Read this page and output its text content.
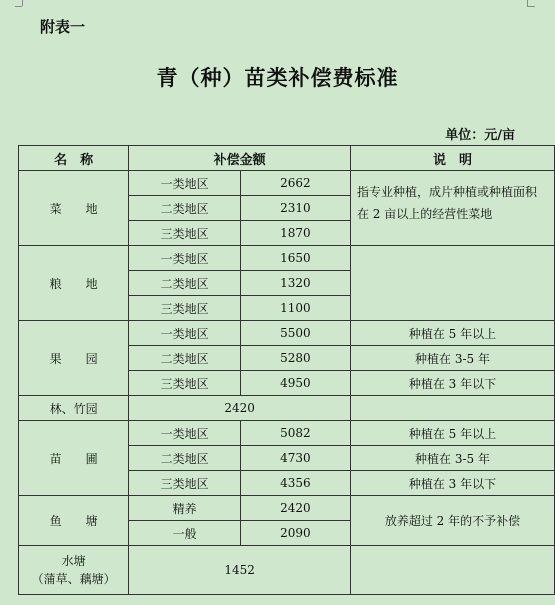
附表一
青（种）苗类补偿费标准
单位：元/亩
名　称	补偿金额		说　明
菜　　地	一类地区	2662	指专业种植，成片种植或种植面积在 2 亩以上的经营性菜地
	二类地区	2310	
	三类地区	1870	
粮　　地	一类地区	1650	
	二类地区	1320	
	三类地区	1100	
果　　园	一类地区	5500	种植在 5 年以上
	二类地区	5280	种植在 3-5 年
	三类地区	4950	种植在 3 年以下
林、竹园	2420		
苗　　圃	一类地区	5082	种植在 5 年以上
	二类地区	4730	种植在 3-5 年
	三类地区	4356	种植在 3 年以下
鱼　　塘	精养	2420	放养超过 2 年的不予补偿
	一般	2090	

水塘
（蒲草、藕塘）	1452		
